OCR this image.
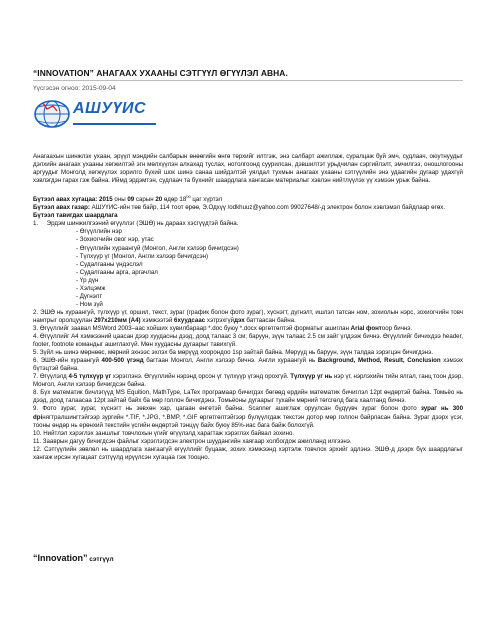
“INNOVATION” АНАГААХ УХААНЫ СЭТГҮҮЛ ӨГҮҮЛЭЛ АВНА.
Үүсгэсэн огноо: 2015-09-04
АШУҮИС

Анагаахын шинжлэх ухаан, эрүүл мэндийн салбарын өнөөгийн өнгө төрхийг илтгэж, энэ салбарт ажиллаж, суралцаж буй эмч, судлаач, оюутнуудыг дэлхийн анагаах ухааны хөгжилтэй эгн мөлхүүлэн алхахад туслах, нотолгоонд суурилсан, дэвшилтэт урьдчилан сэргийлэлт, эмчилгээ, оношлогооны аргуудыг Монголд хөгжүүлэх зорилго бүхий шок шинэ санаа шийдэлтэй уялдал тухмын анагаах ухааны сэтгүүлийн энэ удаагийн дугаар удахгүй хэвлэгдэн гарах гэж байна. Иймд эрдэмтэн, судлаач та бүхнийг шаардлага хангасан материалыг хэвлэн нийтлүүлэх үү хэмээн урьж байна.

Бүтээл авах хугацаа: 2015 оны 09 сарын 20 өдөр $18^{00}$ цаг хүртэл

Бүтээл авах газар: АШУҮИС-ийн төв байр, 114 тоот өрөө, Э.Одхүү /odkhuuz@yahoo.com 99027648/-д электрон болон хэвлэмэл байдлаар өгөх.

Бүтээл тавигдах шаардлага

1. Эрдэм шинжилгээний өгүүллэг (ЭШӨ) нь дараах хэсгүүдтэй байна.

- Өгүүллийн нэр

- Зохиогчийн овог нэр, утас

- Өгүүллийн хураангуй (Монгол, Англи хэлээр бичигдсэн)

- Түлхүүр үг (Монгол, Англи хэлээр бичигдсэн)

- Судалгааны үндэслэл

- Судалгааны арга, аргачлал

- Үр дүн

- Хэлцэмж

- Дүгнэлт

- Ном зүй

2. ЭШӨ нь хураангуй, түлхүүр үг, оршил, текст, зураг (график болон фото зураг), хүснэгт, дүгнэлт, ишлэл татсан ном, зохиолын нэрс, зохиогчийн товч намтрыг оролцуулан 297x210мм (А4) хэмжээтэй 6хуудсаас хэтрэхгүйдэх баттаасан байна.

3. Өгүүллийг заавал MSWord 2003–аас хойших хувилбараар *.doc буюу *.docx өргөтгөлтэй форматыг ашиглан Arial фонтоор бичнэ.

4. Өгүүллийг А4 хэмжээний цаасан дээр хуудасны дээд, доод талаас 3 см; баруун, зүүн талаас 2.5 см зайг үлдээж бичнэ. Өгүүллийг бичихдээ header, footer, footnote командыг ашиглахгүй. Мөн хуудасны дугаарыг тавихгүй.

5. Зүйл нь шинэ мөрнөөс, мөрний эхнээс эхлэх ба мөрүүд хоорондоо 1sp зайтай байна. Мөрүүд нь баруун, зүүн талдаа зэрэгцэн бичигдэнэ.

6. ЭШӨ-ийн хураангуй 400-500 үгэнд багтаан Монгол, Англи хэлээр бичнэ. Англи хураангуй нь Background, Method, Result, Conclusion хэмээх бүтэцтэй байна.

7. Өгүүлэлд 4-5 түлхүүр үг хэрэглэнэ. Өгүүллийн нэрэнд орсон үг түлхүүр үгэнд орохгүй. Түлхүүр үг нь нэр үг, нэрлэхийн тийн ялгал, ганц тоон дээр, Монгол, Англи хэлээр бичигдсэн байна.

8. Бүх математик бичлэгүүд MS Equition, MathType, LaTex програмаар бичигдэх бөгөөд ердийн математик бичиглэл 12pt өндөртэй байна. Томьёо нь дээд, доод талаасаа 12pt зайтай байх ба мөр голлон бичигдэнэ. Томьёоны дугаарыг тухайн мөрний төгсгөлд бага хаалтанд бичнэ.

9. Фото зураг, зураг, хүснэгт нь зөвхөн хар, цагаан өнгөтэй байна. Scanner ашиглаж оруулсан бүдүүвч зураг болон фото зураг нь 300 dpiнягтралшингтэйгээр зургийн *.TIF, *.JPG, *.BMP, *.GIF өргөтгөлтэйгээр бүлүүлгдаж текстэн дотор мөр голлон байрласан байна. Зураг дээрх үсэг, тооны өндөр нь ерөнхий текстийн үсгийн өндөртэй тэнцүү байх буюу 85%-иас бага байж болохгүй.

10. Нийтлэл хэрэглэх заншлыг товчлохын үгийг өгүүлэлд харагтаж хэрэглэх байвал зохино.

11. Зааврын дагуу бичигдсэн файлыг хэрэглэгдсэн электрон шуудангийн хаягаар холбогдож ажилланд илгээнэ.

12. Сэтгүүлийн зөвлөл нь шаардлага хангаагүй өгүүллийг буцааж, зохих хэмжээнд хэртэлж товчлох эрхийг эдлэнэ. ЭШӨ-д дээрх бүх шаардлагыг хангаж ирсэн хугацаат сэтгүүлд ирүүлсэн хугацаа гэж тооцно.

“Innovation” сэтгүүл
